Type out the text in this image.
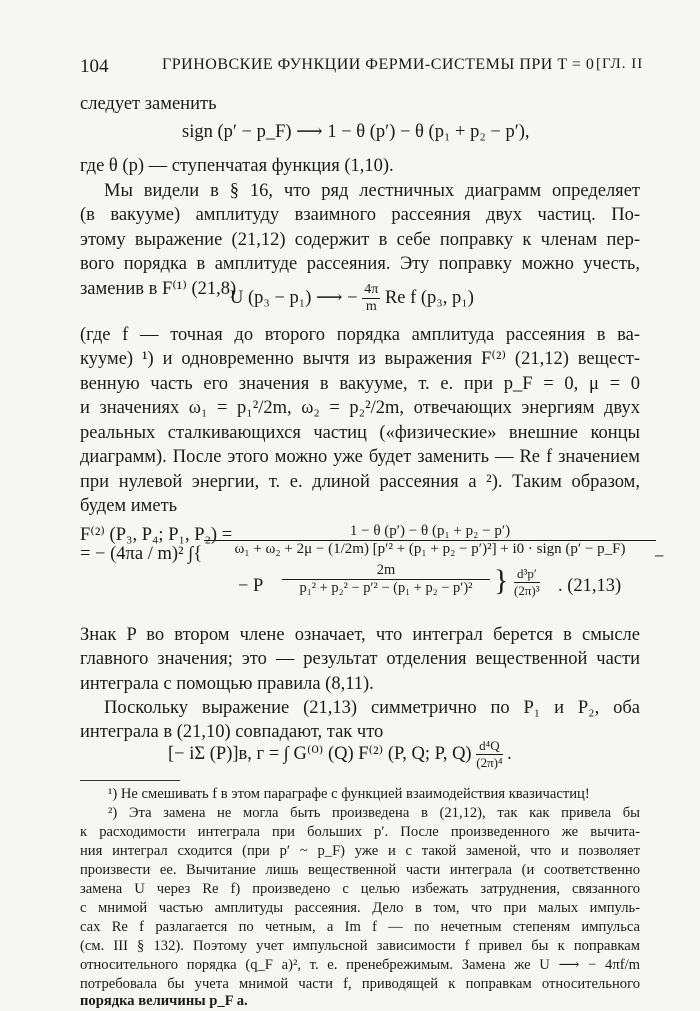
104	ГРИНОВСКИЕ ФУНКЦИИ ФЕРМИ-СИСТЕМЫ ПРИ T = 0 [ГЛ. II
следует заменить
sign (p′ − p_F) ⟶ 1 − θ (p′) − θ (p₁ + p₂ − p′),
где θ (p) — ступенчатая функция (1,10).
Мы видели в § 16, что ряд лестничных диаграмм определяет
(в вакууме) амплитуду взаимного рассеяния двух частиц. По-
этому выражение (21,12) содержит в себе поправку к членам пер-
вого порядка в амплитуде рассеяния. Эту поправку можно учесть,
заменив в F⁽¹⁾ (21,8)
U (p₃ − p₁) ⟶ − $\frac{4\pi}{m}$ Re f (p₃, p₁)
(где f — точная до второго порядка амплитуда рассеяния в ва-
кууме) ¹) и одновременно вычтя из выражения F⁽²⁾ (21,12) вещест-
венную часть его значения в вакууме, т. е. при p_F = 0, μ = 0
и значениях ω₁ = p₁²/2m, ω₂ = p₂²/2m, отвечающих энергиям двух
реальных сталкивающихся частиц («физические» внешние концы
диаграмм). После этого можно уже будет заменить — Re f значением
при нулевой энергии, т. е. длиной рассеяния a ²). Таким образом,
будем иметь
F⁽²⁾ (P₃, P₄; P₁, P₂) =
= − (4πa / m)² ∫{
1 − θ (p′) − θ (p₁ + p₂ − p′)
ω₁ + ω₂ + 2μ − (1/2m) [p′² + (p₁ + p₂ − p′)²] + i0 · sign (p′ − p_F)	−
− P $\frac{2m}{\text{p₁² + p₂² − p′² − (p₁ + p₂ − p′)²}}$ } $\frac{\text{d³p′}}{\text{(2π)³}}$ . (21,13)
Знак P во втором члене означает, что интеграл берется в смысле
главного значения; это — результат отделения вещественной части
интеграла с помощью правила (8,11).
Поскольку выражение (21,13) симметрично по P₁ и P₂, оба
интеграла в (21,10) совпадают, так что
[− iΣ (P)]в, г = ∫ G⁽⁰⁾ (Q) F⁽²⁾ (P, Q; P, $Q) \frac{\text{d⁴Q}}{\text{(2π)⁴}}$ .
¹) Не смешивать f в этом параграфе с функцией взаимодействия квазичастиц!
²) Эта замена не могла быть произведена в (21,12), так как привела бы
к расходимости интеграла при больших p′. После произведенного же вычита-
ния интеграл сходится (при p′ ~ p_F) уже и с такой заменой, что и позволяет
произвести ее. Вычитание лишь вещественной части интеграла (и соответственно
замена U через Re f) произведено с целью избежать затруднения, связанного
с мнимой частью амплитуды рассеяния. Дело в том, что при малых импуль-
сах Re f разлагается по четным, a Im f — по нечетным степеням импульса
(см. III § 132). Поэтому учет импульсной зависимости f привел бы к поправкам
относительного порядка (q_F a)², т. е. пренебрежимым. Замена же U ⟶ − 4πf/m
потребовала бы учета мнимой части f, приводящей к поправкам относительного
порядка величины p_F a.
